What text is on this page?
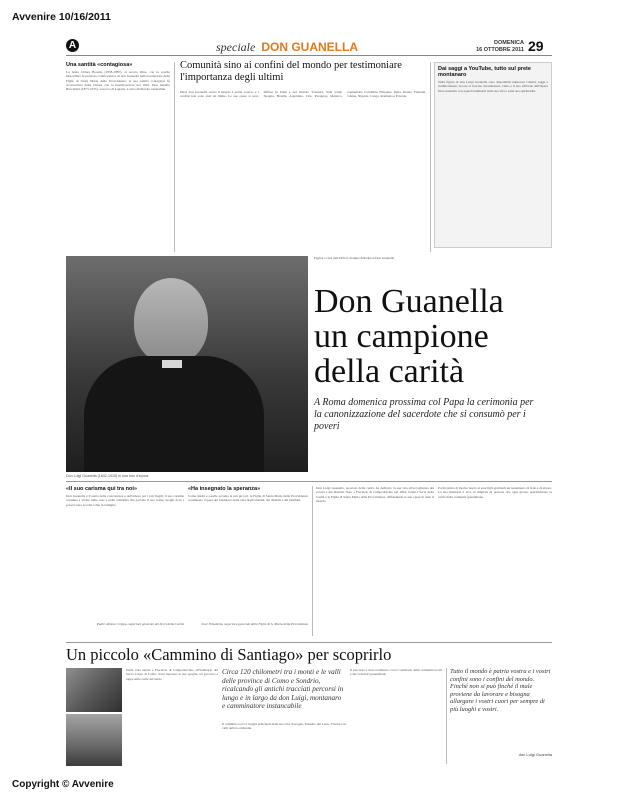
Avvenire 10/16/2011
Copyright © Avvenire
A	speciale DON GUANELLA	DOMENICA
16 OTTOBRE 2011 29
Una santità «contagiosa»

La beata Chiara Bosatta (1858-1887), al secolo Dina, con la sorella Marcellina fu preziosa collaboratrice di don Guanella nella fondazione delle Figlie di Santa Maria della Provvidenza; la sua santità contagiosa fu riconosciuta dalla Chiesa con la beatificazione nel 1991. Don Aurelio Bacciarini (1873-1935), vescovo di Lugano, è stato dichiarato venerabile.

Comunità sino ai confini del mondo per testimoniare l'importanza degli ultimi

Dieci don Guanella «tutto il mondo è patria vostra» e i confini non sono stati un limite. Le sue opere si sono diffuse in Italia e nel mondo: Svizzera, Stati Uniti, Spagna, Brasile, Argentina, Cile, Paraguay, Messico, Guatemala, Colombia, Filippine, India, Israele, Vietnam, Ghana, Nigeria, Congo, Romania e Polonia.

Dai saggi a YouTube, tutto sul prete montanaro

Sulla figura di don Luigi Guanella sono disponibili numerosi volumi, saggi e testimonianze; in rete si trovano documentari, video e il sito ufficiale dell'Opera Don Guanella con approfondimenti sulla sua vita e sulla sua spiritualità.

Don Luigi Guanella (1842-1915) in una foto d'epoca

Pagina a cura dell'Ufficio Stampa dell'Opera Don Guanella

Don Guanella
un campione
della carità
A Roma domenica prossima col Papa la cerimonia per la canonizzazione del sacerdote che si consumò per i poveri
«Il suo carisma qui tra noi»

Don Guanella è il santo della concretezza e dell'amore per i più fragili: il suo carisma continua a vivere nelle case e nelle comunità che portano il suo nome, luoghi dove i poveri sono accolti come in famiglia.

Padre Alfonso Crippa, superiore generale dei Servi della Carità
«Ha insegnato la speranza»

Come madri e sorelle accanto ai più piccoli, le Figlie di Santa Maria della Provvidenza continuano l'opera del fondatore nella cura degli anziani, dei disabili e dei bambini.

Suor Elisabetta, superiora generale delle Figlie di S. Maria della Provvidenza

Don Luigi Guanella, apostolo della carità, ha dedicato la sua vita all'accoglienza dei poveri e dei disabili. Nato a Fraciscio di Campodolcino nel 1842, fondò i Servi della Carità e le Figlie di Santa Maria della Provvidenza, diffondendo le sue opere in tutto il mondo.

Pochi prima di morire lasciò ai suoi figli spirituali un testamento di fede e di amore. La sua memoria è viva in migliaia di persone che ogni giorno sperimentano la carità delle comunità guanelliane.

Un piccolo «Cammino di Santiago» per scoprirlo

Dalla casa natale a Fraciscio di Campodolcino, all'Santuario del Sacro Cuore di Como: dove riposano le sue spoglie, un percorso a tappe sulle orme del santo.

Circa 120 chilometri tra i monti e le valli delle province di Como e Sondrio, ricalcando gli antichi tracciati percorsi in lungo e in largo da don Luigi, montanaro e camminatore instancabile

Il cammino tocca i luoghi principali della sua vita: Savogno, Pianello del Lario, Traona e le valli della Lombardia.

Il percorso è stato realizzato con il contributo delle comunità locali e dei volontari guanelliani.	Tutto il mondo è patria vostra e i vostri confini sono i confini del mondo. Finché non si può finché il male proviene da lavorare e bisogna allargare i vostri cuori per sempre di più luoghi e vostri.
don Luigi Guanella
